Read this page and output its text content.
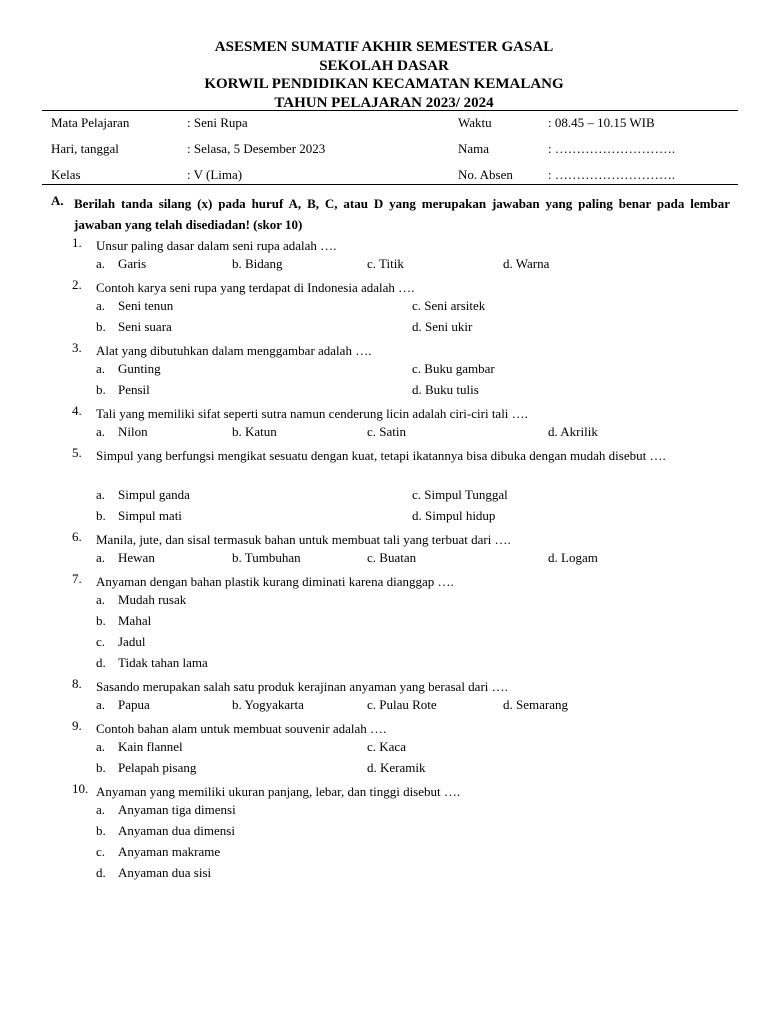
ASESMEN SUMATIF AKHIR SEMESTER GASAL
SEKOLAH DASAR
KORWIL PENDIDIKAN KECAMATAN KEMALANG
TAHUN PELAJARAN 2023/ 2024
Mata Pelajaran	: Seni Rupa	Waktu	: 08.45 – 10.15 WIB
Hari, tanggal	: Selasa, 5 Desember 2023	Nama	: ……………………….
Kelas	: V (Lima)	No. Absen	: ……………………….
A. Berilah tanda silang (x) pada huruf A, B, C, atau D yang merupakan jawaban yang paling benar pada lembar jawaban yang telah disediadan! (skor 10)
1. Unsur paling dasar dalam seni rupa adalah ….
a. Garis	b. Bidang	c. Titik	d. Warna
2. Contoh karya seni rupa yang terdapat di Indonesia adalah ….
a. Seni tenun	c. Seni arsitek
b. Seni suara	d. Seni ukir
3. Alat yang dibutuhkan dalam menggambar adalah ….
a. Gunting	c. Buku gambar
b. Pensil	d. Buku tulis
4. Tali yang memiliki sifat seperti sutra namun cenderung licin adalah ciri-ciri tali ….
a. Nilon	b. Katun	c. Satin	d. Akrilik
5. Simpul yang berfungsi mengikat sesuatu dengan kuat, tetapi ikatannya bisa dibuka dengan mudah disebut ….
a. Simpul ganda	c. Simpul Tunggal
b. Simpul mati	d. Simpul hidup
6. Manila, jute, dan sisal termasuk bahan untuk membuat tali yang terbuat dari ….
a. Hewan	b. Tumbuhan	c. Buatan	d. Logam
7. Anyaman dengan bahan plastik kurang diminati karena dianggap ….
a. Mudah rusak
b. Mahal
c. Jadul
d. Tidak tahan lama
8. Sasando merupakan salah satu produk kerajinan anyaman yang berasal dari ….
a. Papua	b. Yogyakarta	c. Pulau Rote	d. Semarang
9. Contoh bahan alam untuk membuat souvenir adalah ….
a. Kain flannel	c. Kaca
b. Pelapah pisang	d. Keramik
10. Anyaman yang memiliki ukuran panjang, lebar, dan tinggi disebut ….
a. Anyaman tiga dimensi
b. Anyaman dua dimensi
c. Anyaman makrame
d. Anyaman dua sisi
